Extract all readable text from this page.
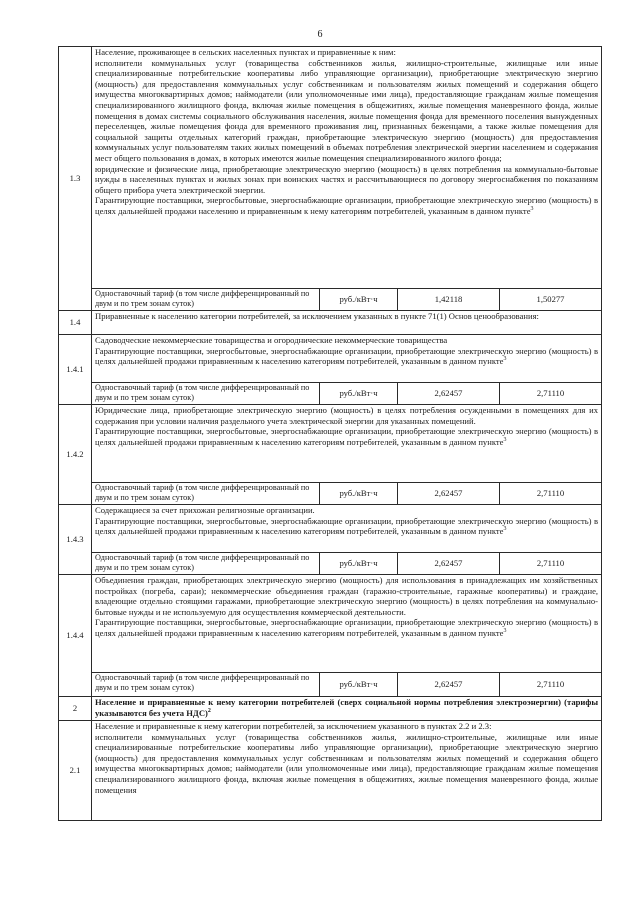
6
1.3	Население, проживающее в сельских населенных пунктах и приравненные к ним:

исполнители коммунальных услуг (товарищества собственников жилья, жилищно-строительные, жилищные или иные специализированные потребительские кооперативы либо управляющие организации), приобретающие электрическую энергию (мощность) для предоставления коммунальных услуг собственникам и пользователям жилых помещений и содержания общего имущества многоквартирных домов; наймодатели (или уполномоченные ими лица), предоставляющие гражданам жилые помещения специализированного жилищного фонда, включая жилые помещения в общежитиях, жилые помещения маневренного фонда, жилые помещения в домах системы социального обслуживания населения, жилые помещения фонда для временного поселения вынужденных переселенцев, жилые помещения фонда для временного проживания лиц, признанных беженцами, а также жилые помещения для социальной защиты отдельных категорий граждан, приобретающие электрическую энергию (мощность) для предоставления коммунальных услуг пользователям таких жилых помещений в объемах потребления электрической энергии населением и содержания мест общего пользования в домах, в которых имеются жилые помещения специализированного жилого фонда;

юридические и физические лица, приобретающие электрическую энергию (мощность) в целях потребления на коммунально-бытовые нужды в населенных пунктах и жилых зонах при воинских частях и рассчитывающиеся по договору энергоснабжения по показаниям общего прибора учета электрической энергии.

Гарантирующие поставщики, энергосбытовые, энергоснабжающие организации, приобретающие электрическую энергию (мощность) в целях дальнейшей продажи населению и приравненным к нему категориям потребителей, указанным в данном пункте$^3$

	Одноставочный тариф (в том числе дифференцированный по двум и по трем зонам суток)	руб./кВт·ч	1,42118	1,50277
1.4	Приравненные к населению категории потребителей, за исключением указанных в пункте 71(1) Основ ценообразования:			
1.4.1	Садоводческие некоммерческие товарищества и огороднические некоммерческие товарищества

Гарантирующие поставщики, энергосбытовые, энергоснабжающие организации, приобретающие электрическую энергию (мощность) в целях дальнейшей продажи приравненным к населению категориям потребителей, указанным в данном пункте$^3$

	Одноставочный тариф (в том числе дифференцированный по двум и по трем зонам суток)	руб./кВт·ч	2,62457	2,71110
1.4.2	Юридические лица, приобретающие электрическую энергию (мощность) в целях потребления осужденными в помещениях для их содержания при условии наличия раздельного учета электрической энергии для указанных помещений.

Гарантирующие поставщики, энергосбытовые, энергоснабжающие организации, приобретающие электрическую энергию (мощность) в целях дальнейшей продажи приравненным к населению категориям потребителей, указанным в данном пункте$^3$

	Одноставочный тариф (в том числе дифференцированный по двум и по трем зонам суток)	руб./кВт·ч	2,62457	2,71110
1.4.3	Содержащиеся за счет прихожан религиозные организации.

Гарантирующие поставщики, энергосбытовые, энергоснабжающие организации, приобретающие электрическую энергию (мощность) в целях дальнейшей продажи приравненным к населению категориям потребителей, указанным в данном пункте$^3$

	Одноставочный тариф (в том числе дифференцированный по двум и по трем зонам суток)	руб./кВт·ч	2,62457	2,71110
1.4.4	Объединения граждан, приобретающих электрическую энергию (мощность) для использования в принадлежащих им хозяйственных постройках (погреба, сараи); некоммерческие объединения граждан (гаражно-строительные, гаражные кооперативы) и граждане, владеющие отдельно стоящими гаражами, приобретающие электрическую энергию (мощность) в целях потребления на коммунально-бытовые нужды и не используемую для осуществления коммерческой деятельности.

Гарантирующие поставщики, энергосбытовые, энергоснабжающие организации, приобретающие электрическую энергию (мощность) в целях дальнейшей продажи приравненным к населению категориям потребителей, указанным в данном пункте$^3$

	Одноставочный тариф (в том числе дифференцированный по двум и по трем зонам суток)	руб./кВт·ч	2,62457	2,71110
2	Население и приравненные к нему категории потребителей (сверх социальной нормы потребления электроэнергии) (тарифы указываются без учета НДС)$^2$
2.1	Население и приравненные к нему категории потребителей, за исключением указанного в пунктах 2.2 и 2.3:

исполнители коммунальных услуг (товарищества собственников жилья, жилищно-строительные, жилищные или иные специализированные потребительские кооперативы либо управляющие организации), приобретающие электрическую энергию (мощность) для предоставления коммунальных услуг собственникам и пользователям жилых помещений и содержания общего имущества многоквартирных домов; наймодатели (или уполномоченные ими лица), предоставляющие гражданам жилые помещения специализированного жилищного фонда, включая жилые помещения в общежитиях, жилые помещения маневренного фонда, жилые помещения			
